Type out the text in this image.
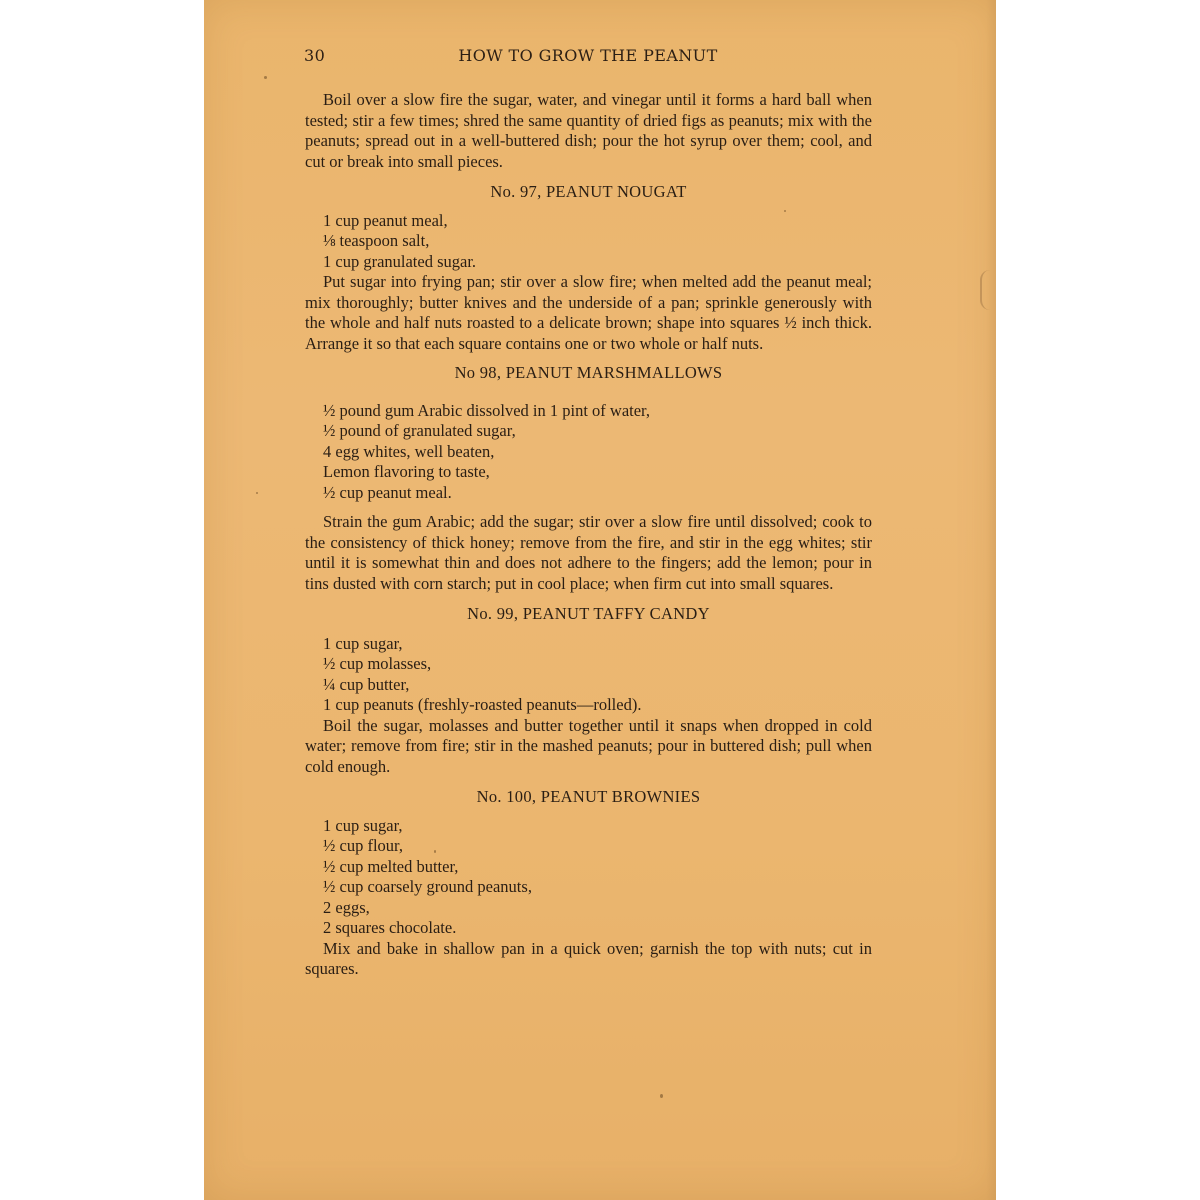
30	HOW TO GROW THE PEANUT

Boil over a slow fire the sugar, water, and vinegar until it forms a hard ball when tested; stir a few times; shred the same quantity of dried figs as peanuts; mix with the peanuts; spread out in a well-buttered dish; pour the hot syrup over them; cool, and cut or break into small pieces.

No. 97, PEANUT NOUGAT

1 cup peanut meal,
⅛ teaspoon salt,
1 cup granulated sugar.

Put sugar into frying pan; stir over a slow fire; when melted add the peanut meal; mix thoroughly; butter knives and the underside of a pan; sprinkle generously with the whole and half nuts roasted to a delicate brown; shape into squares ½ inch thick. Arrange it so that each square contains one or two whole or half nuts.

No 98, PEANUT MARSHMALLOWS

½ pound gum Arabic dissolved in 1 pint of water,
½ pound of granulated sugar,
4 egg whites, well beaten,
Lemon flavoring to taste,
½ cup peanut meal.

Strain the gum Arabic; add the sugar; stir over a slow fire until dissolved; cook to the consistency of thick honey; remove from the fire, and stir in the egg whites; stir until it is somewhat thin and does not adhere to the fingers; add the lemon; pour in tins dusted with corn starch; put in cool place; when firm cut into small squares.

No. 99, PEANUT TAFFY CANDY

1 cup sugar,
½ cup molasses,
¼ cup butter,
1 cup peanuts (freshly-roasted peanuts—rolled).

Boil the sugar, molasses and butter together until it snaps when dropped in cold water; remove from fire; stir in the mashed peanuts; pour in buttered dish; pull when cold enough.

No. 100, PEANUT BROWNIES

1 cup sugar,
½ cup flour,
½ cup melted butter,
½ cup coarsely ground peanuts,
2 eggs,
2 squares chocolate.

Mix and bake in shallow pan in a quick oven; garnish the top with nuts; cut in squares.
